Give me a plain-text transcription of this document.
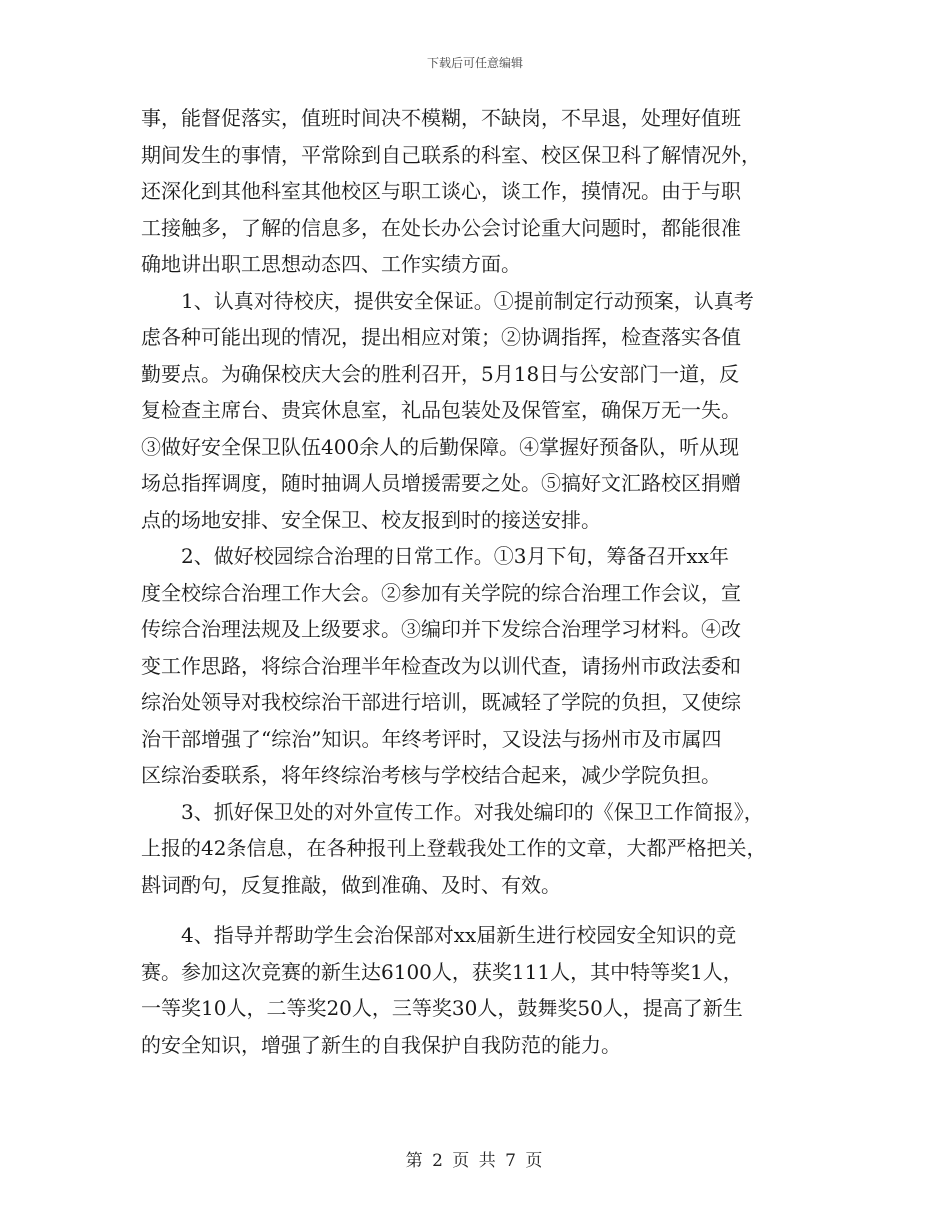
下载后可任意编辑
事，能督促落实，值班时间决不模糊，不缺岗，不早退，处理好值班
期间发生的事情，平常除到自己联系的科室、校区保卫科了解情况外，
还深化到其他科室其他校区与职工谈心，谈工作，摸情况。由于与职
工接触多，了解的信息多，在处长办公会讨论重大问题时，都能很准
确地讲出职工思想动态四、工作实绩方面。
1、认真对待校庆，提供安全保证。①提前制定行动预案，认真考
虑各种可能出现的情况，提出相应对策；②协调指挥，检查落实各值
勤要点。为确保校庆大会的胜利召开，5月18日与公安部门一道，反
复检查主席台、贵宾休息室，礼品包装处及保管室，确保万无一失。
③做好安全保卫队伍400余人的后勤保障。④掌握好预备队，听从现
场总指挥调度，随时抽调人员增援需要之处。⑤搞好文汇路校区捐赠
点的场地安排、安全保卫、校友报到时的接送安排。
2、做好校园综合治理的日常工作。①3月下旬，筹备召开xx年
度全校综合治理工作大会。②参加有关学院的综合治理工作会议，宣
传综合治理法规及上级要求。③编印并下发综合治理学习材料。④改
变工作思路，将综合治理半年检查改为以训代查，请扬州市政法委和
综治处领导对我校综治干部进行培训，既减轻了学院的负担，又使综
治干部增强了“综治”知识。年终考评时，又设法与扬州市及市属四
区综治委联系，将年终综治考核与学校结合起来，减少学院负担。
3、抓好保卫处的对外宣传工作。对我处编印的《保卫工作简报》，
上报的42条信息，在各种报刊上登载我处工作的文章，大都严格把关，
斟词酌句，反复推敲，做到准确、及时、有效。
4、指导并帮助学生会治保部对xx届新生进行校园安全知识的竞
赛。参加这次竞赛的新生达6100人，获奖111人，其中特等奖1人，
一等奖10人，二等奖20人，三等奖30人，鼓舞奖50人，提高了新生
的安全知识，增强了新生的自我保护自我防范的能力。
第 2 页 共 7 页
